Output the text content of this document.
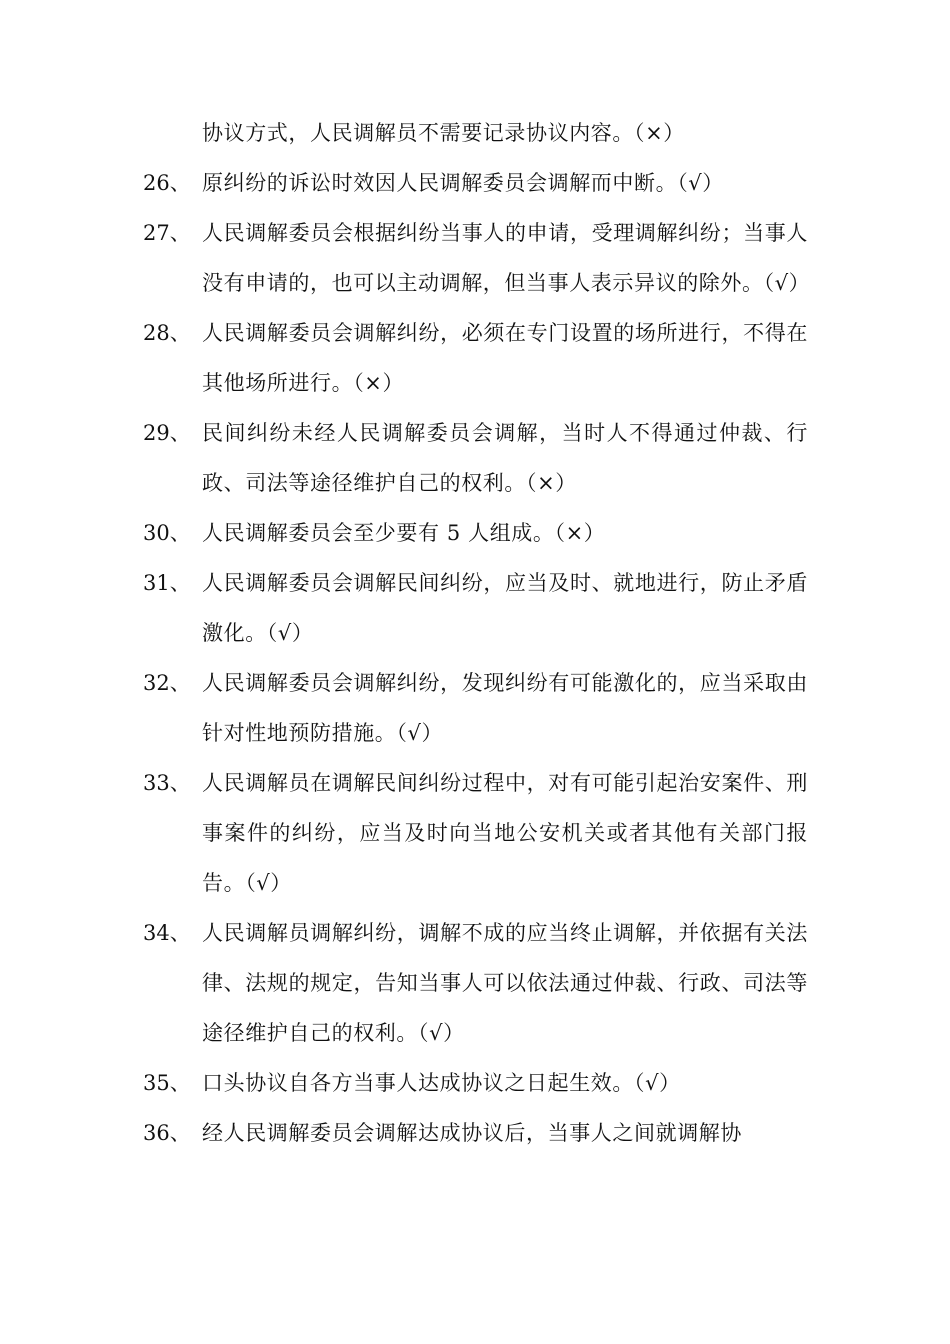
协议方式，人民调解员不需要记录协议内容。（×）
26、 原纠纷的诉讼时效因人民调解委员会调解而中断。（√）
27、 人民调解委员会根据纠纷当事人的申请，受理调解纠纷；当事人没有申请的，也可以主动调解，但当事人表示异议的除外。（√）
28、 人民调解委员会调解纠纷，必须在专门设置的场所进行，不得在其他场所进行。（×）
29、 民间纠纷未经人民调解委员会调解，当时人不得通过仲裁、行政、司法等途径维护自己的权利。（×）
30、 人民调解委员会至少要有 5 人组成。（×）
31、 人民调解委员会调解民间纠纷，应当及时、就地进行，防止矛盾激化。（√）
32、 人民调解委员会调解纠纷，发现纠纷有可能激化的，应当采取由针对性地预防措施。（√）
33、 人民调解员在调解民间纠纷过程中，对有可能引起治安案件、刑事案件的纠纷，应当及时向当地公安机关或者其他有关部门报告。（√）
34、 人民调解员调解纠纷，调解不成的应当终止调解，并依据有关法律、法规的规定，告知当事人可以依法通过仲裁、行政、司法等途径维护自己的权利。（√）
35、 口头协议自各方当事人达成协议之日起生效。（√）
36、 经人民调解委员会调解达成协议后，当事人之间就调解协
